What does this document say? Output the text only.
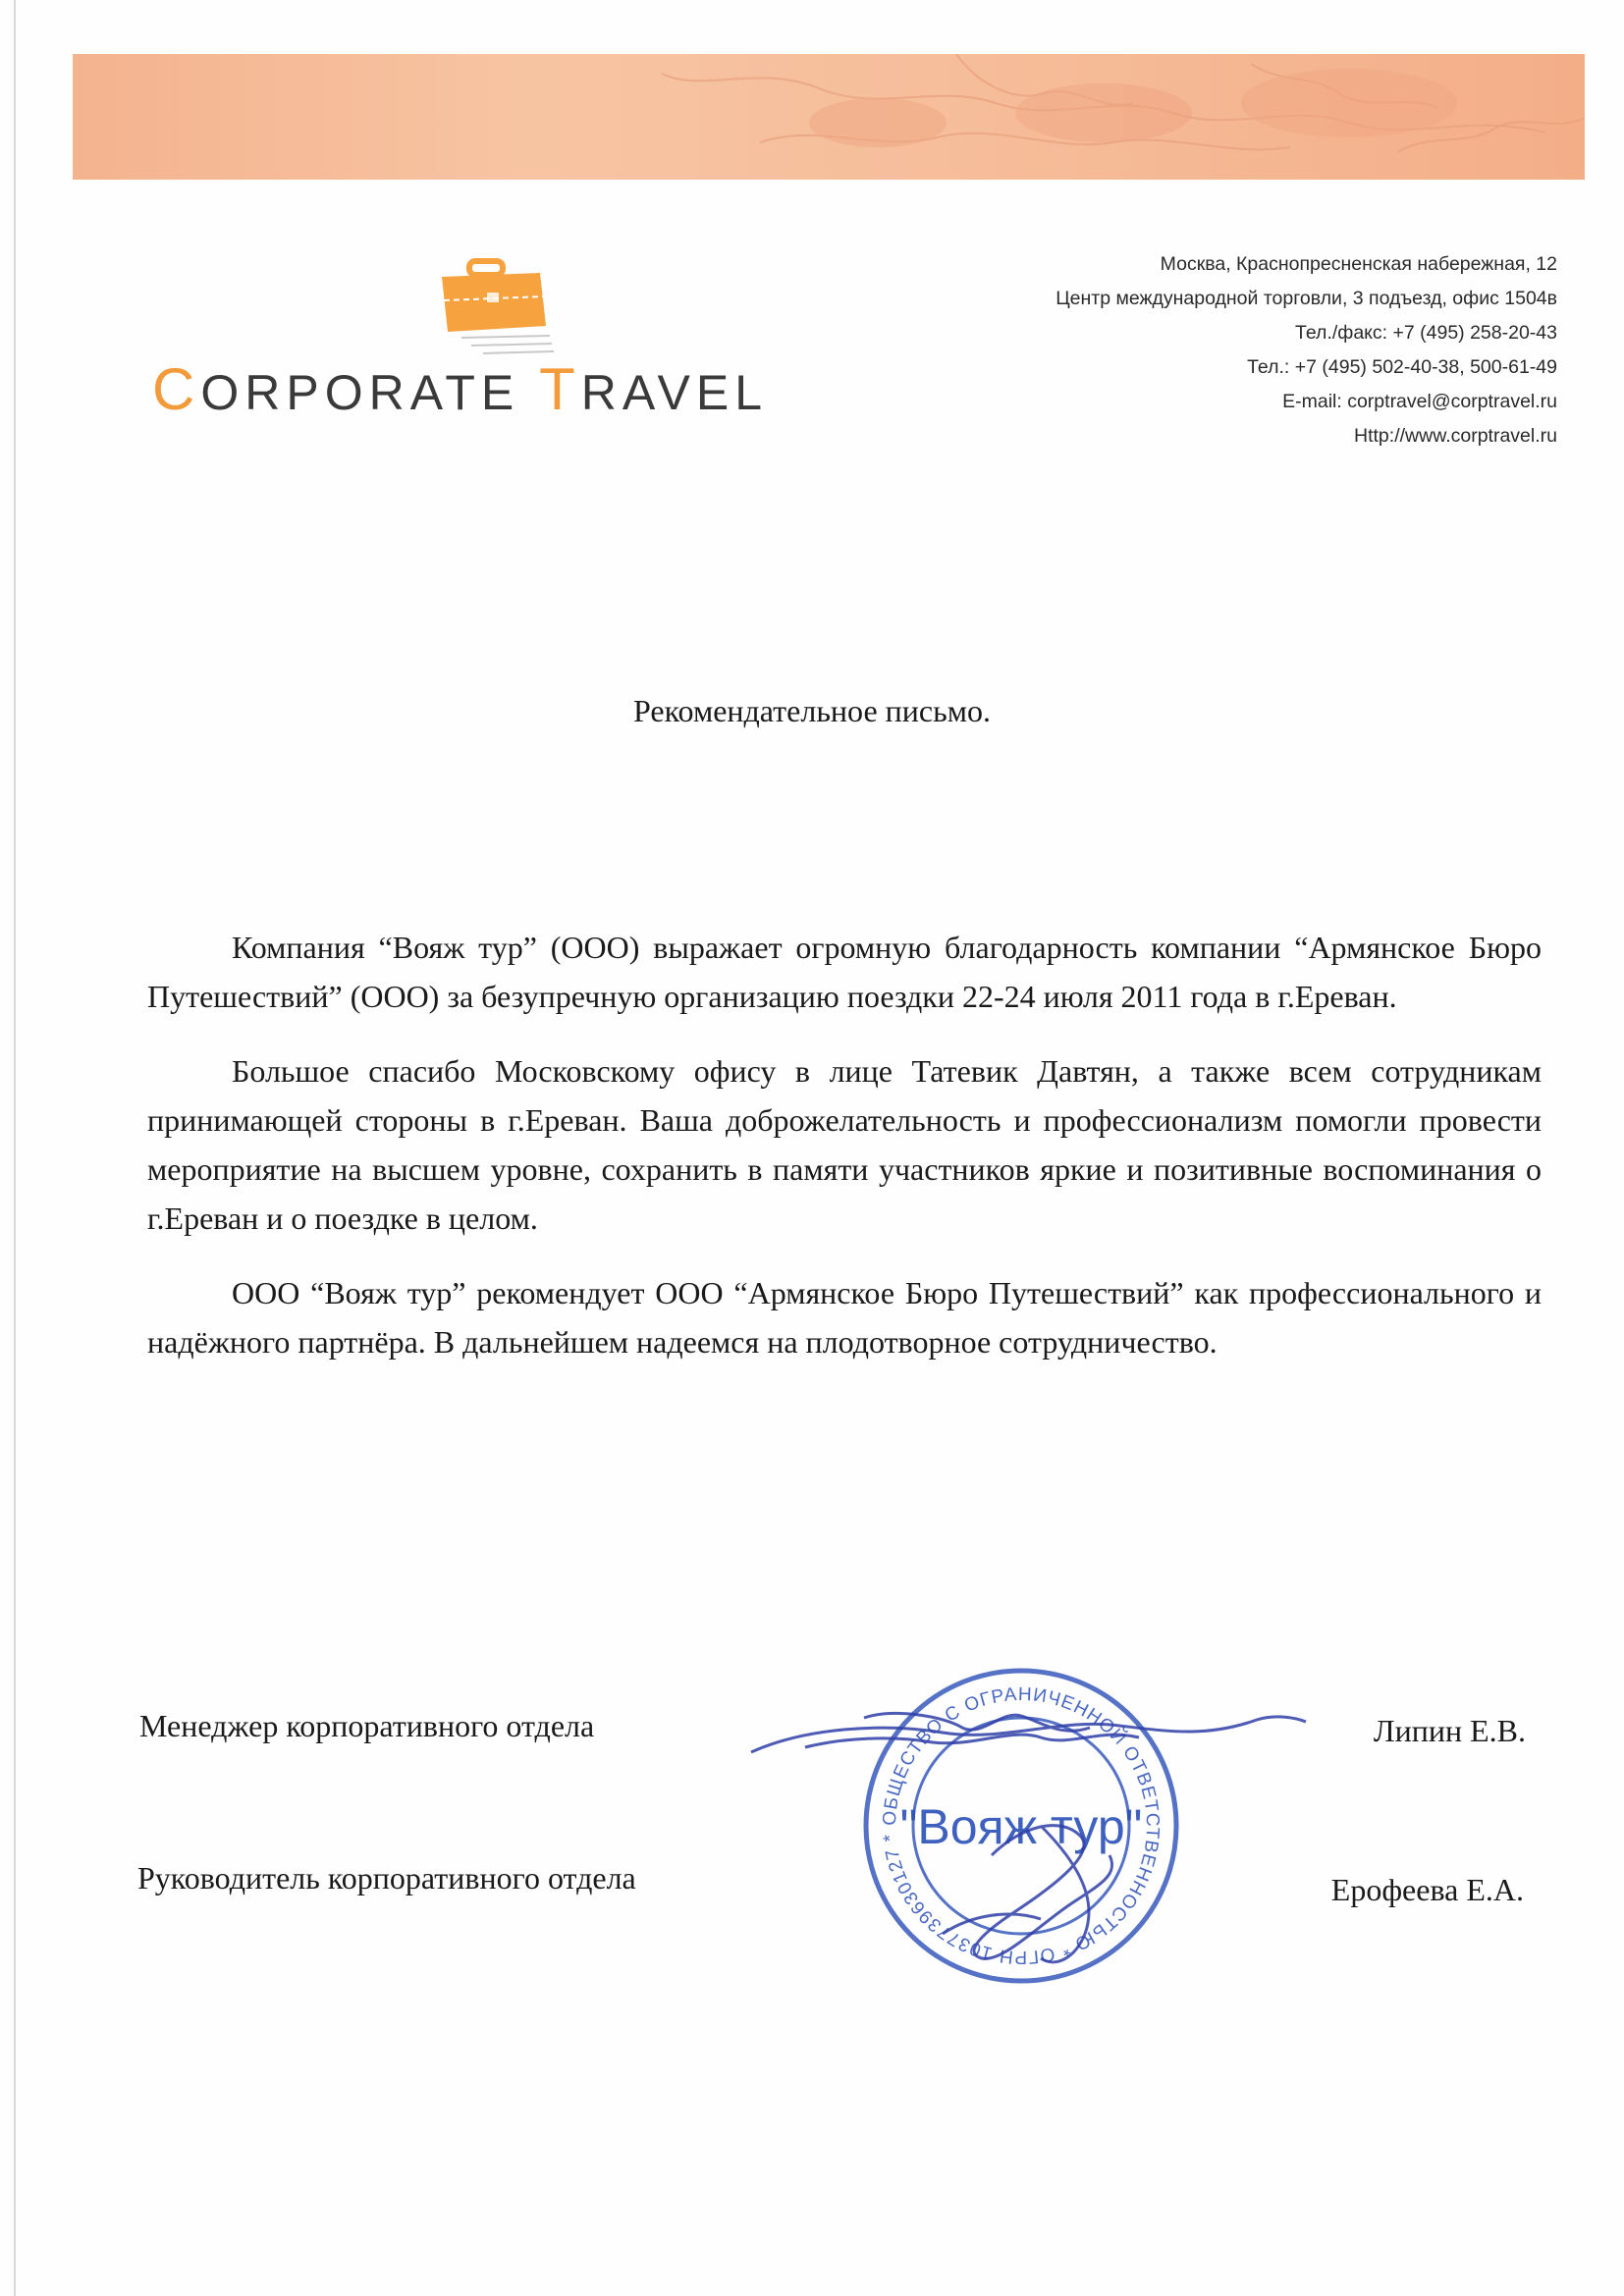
CORPORATE TRAVEL
Москва, Краснопресненская набережная, 12
Центр международной торговли, 3 подъезд, офис 1504в
Тел./факс: +7 (495) 258-20-43
Тел.: +7 (495) 502-40-38, 500-61-49
E-mail: corptravel@corptravel.ru
Http://www.corptravel.ru
Рекомендательное письмо.

Компания “Вояж тур” (ООО) выражает огромную благодарность компании “Армянское Бюро Путешествий” (ООО) за безупречную организацию поездки 22-24 июля 2011 года в г.Ереван.

Большое спасибо Московскому офису в лице Татевик Давтян, а также всем сотрудникам принимающей стороны в г.Ереван. Ваша доброжелательность и профессионализм помогли провести мероприятие на высшем уровне, сохранить в памяти участников яркие и позитивные воспоминания о г.Ереван и о поездке в целом.

ООО “Вояж тур” рекомендует ООО “Армянское Бюро Путешествий” как профессионального и надёжного партнёра. В дальнейшем надеемся на плодотворное сотрудничество.

Менеджер корпоративного отдела	Липин Е.В.
Руководитель корпоративного отдела	Ерофеева Е.А.
ОБЩЕСТВО С ОГРАНИЧЕННОЙ ОТВЕТСТВЕННОСТЬЮ * ОГРН 1037739630127 *
"Вояж тур"
